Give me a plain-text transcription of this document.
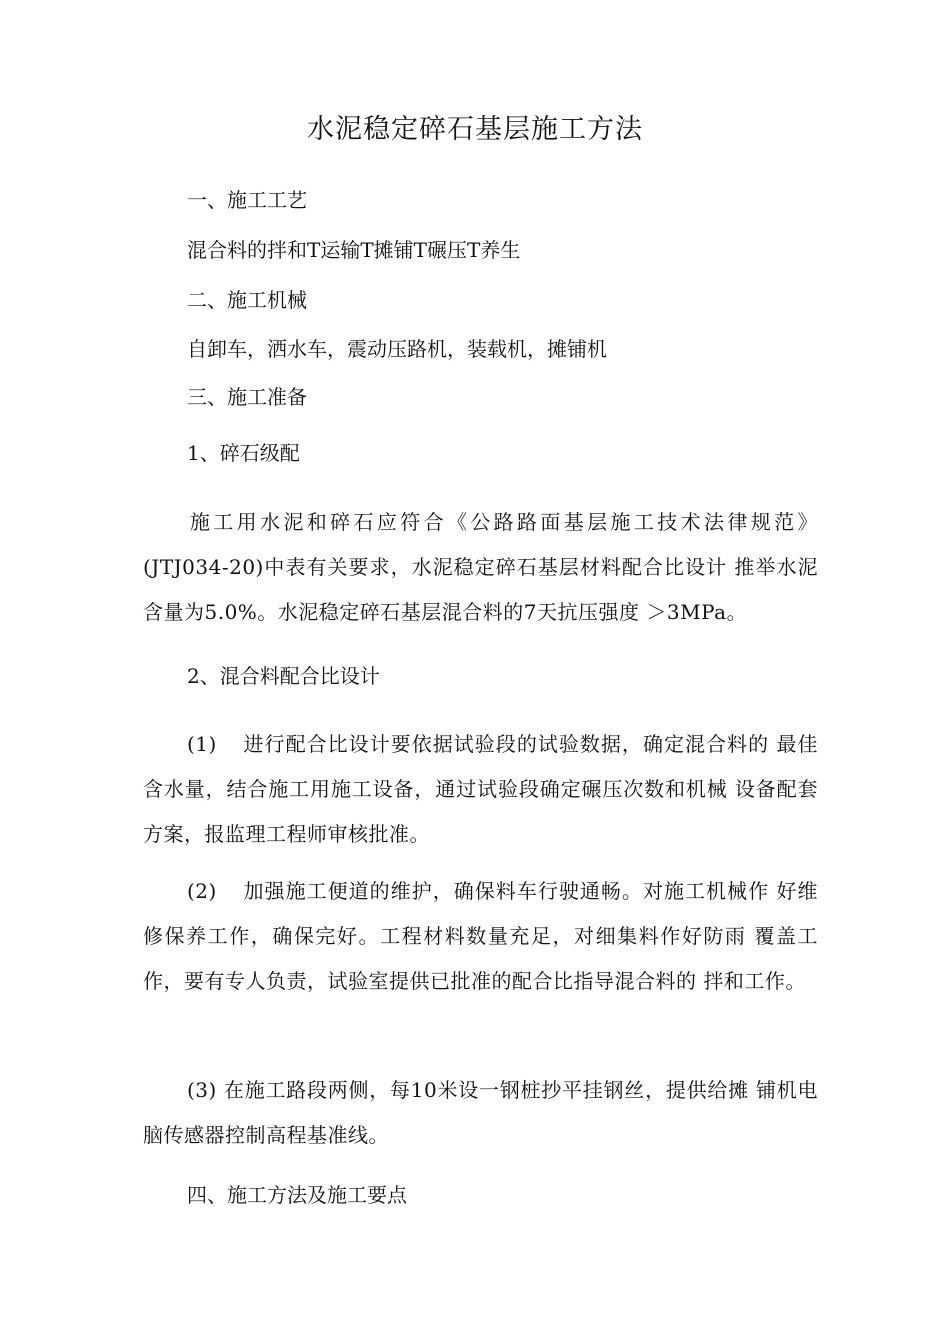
水泥稳定碎石基层施工方法
一、施工工艺
混合料的拌和T运输T摊铺T碾压T养生
二、施工机械
自卸车，洒水车，震动压路机，装载机，摊铺机
三、施工准备
1、碎石级配
施工用水泥和碎石应符合《公路路面基层施工技术法律规范》(JTJ034-20)中表有关要求，水泥稳定碎石基层材料配合比设计 推举水泥含量为5.0%。水泥稳定碎石基层混合料的7天抗压强度 ＞3MPa。
2、混合料配合比设计
(1) 进行配合比设计要依据试验段的试验数据，确定混合料的 最佳含水量，结合施工用施工设备，通过试验段确定碾压次数和机械 设备配套方案，报监理工程师审核批准。
(2) 加强施工便道的维护，确保料车行驶通畅。对施工机械作 好维修保养工作，确保完好。工程材料数量充足，对细集料作好防雨 覆盖工作，要有专人负责，试验室提供已批准的配合比指导混合料的 拌和工作。
(3) 在施工路段两侧，每10米设一钢桩抄平挂钢丝，提供给摊 铺机电脑传感器控制高程基准线。
四、施工方法及施工要点
